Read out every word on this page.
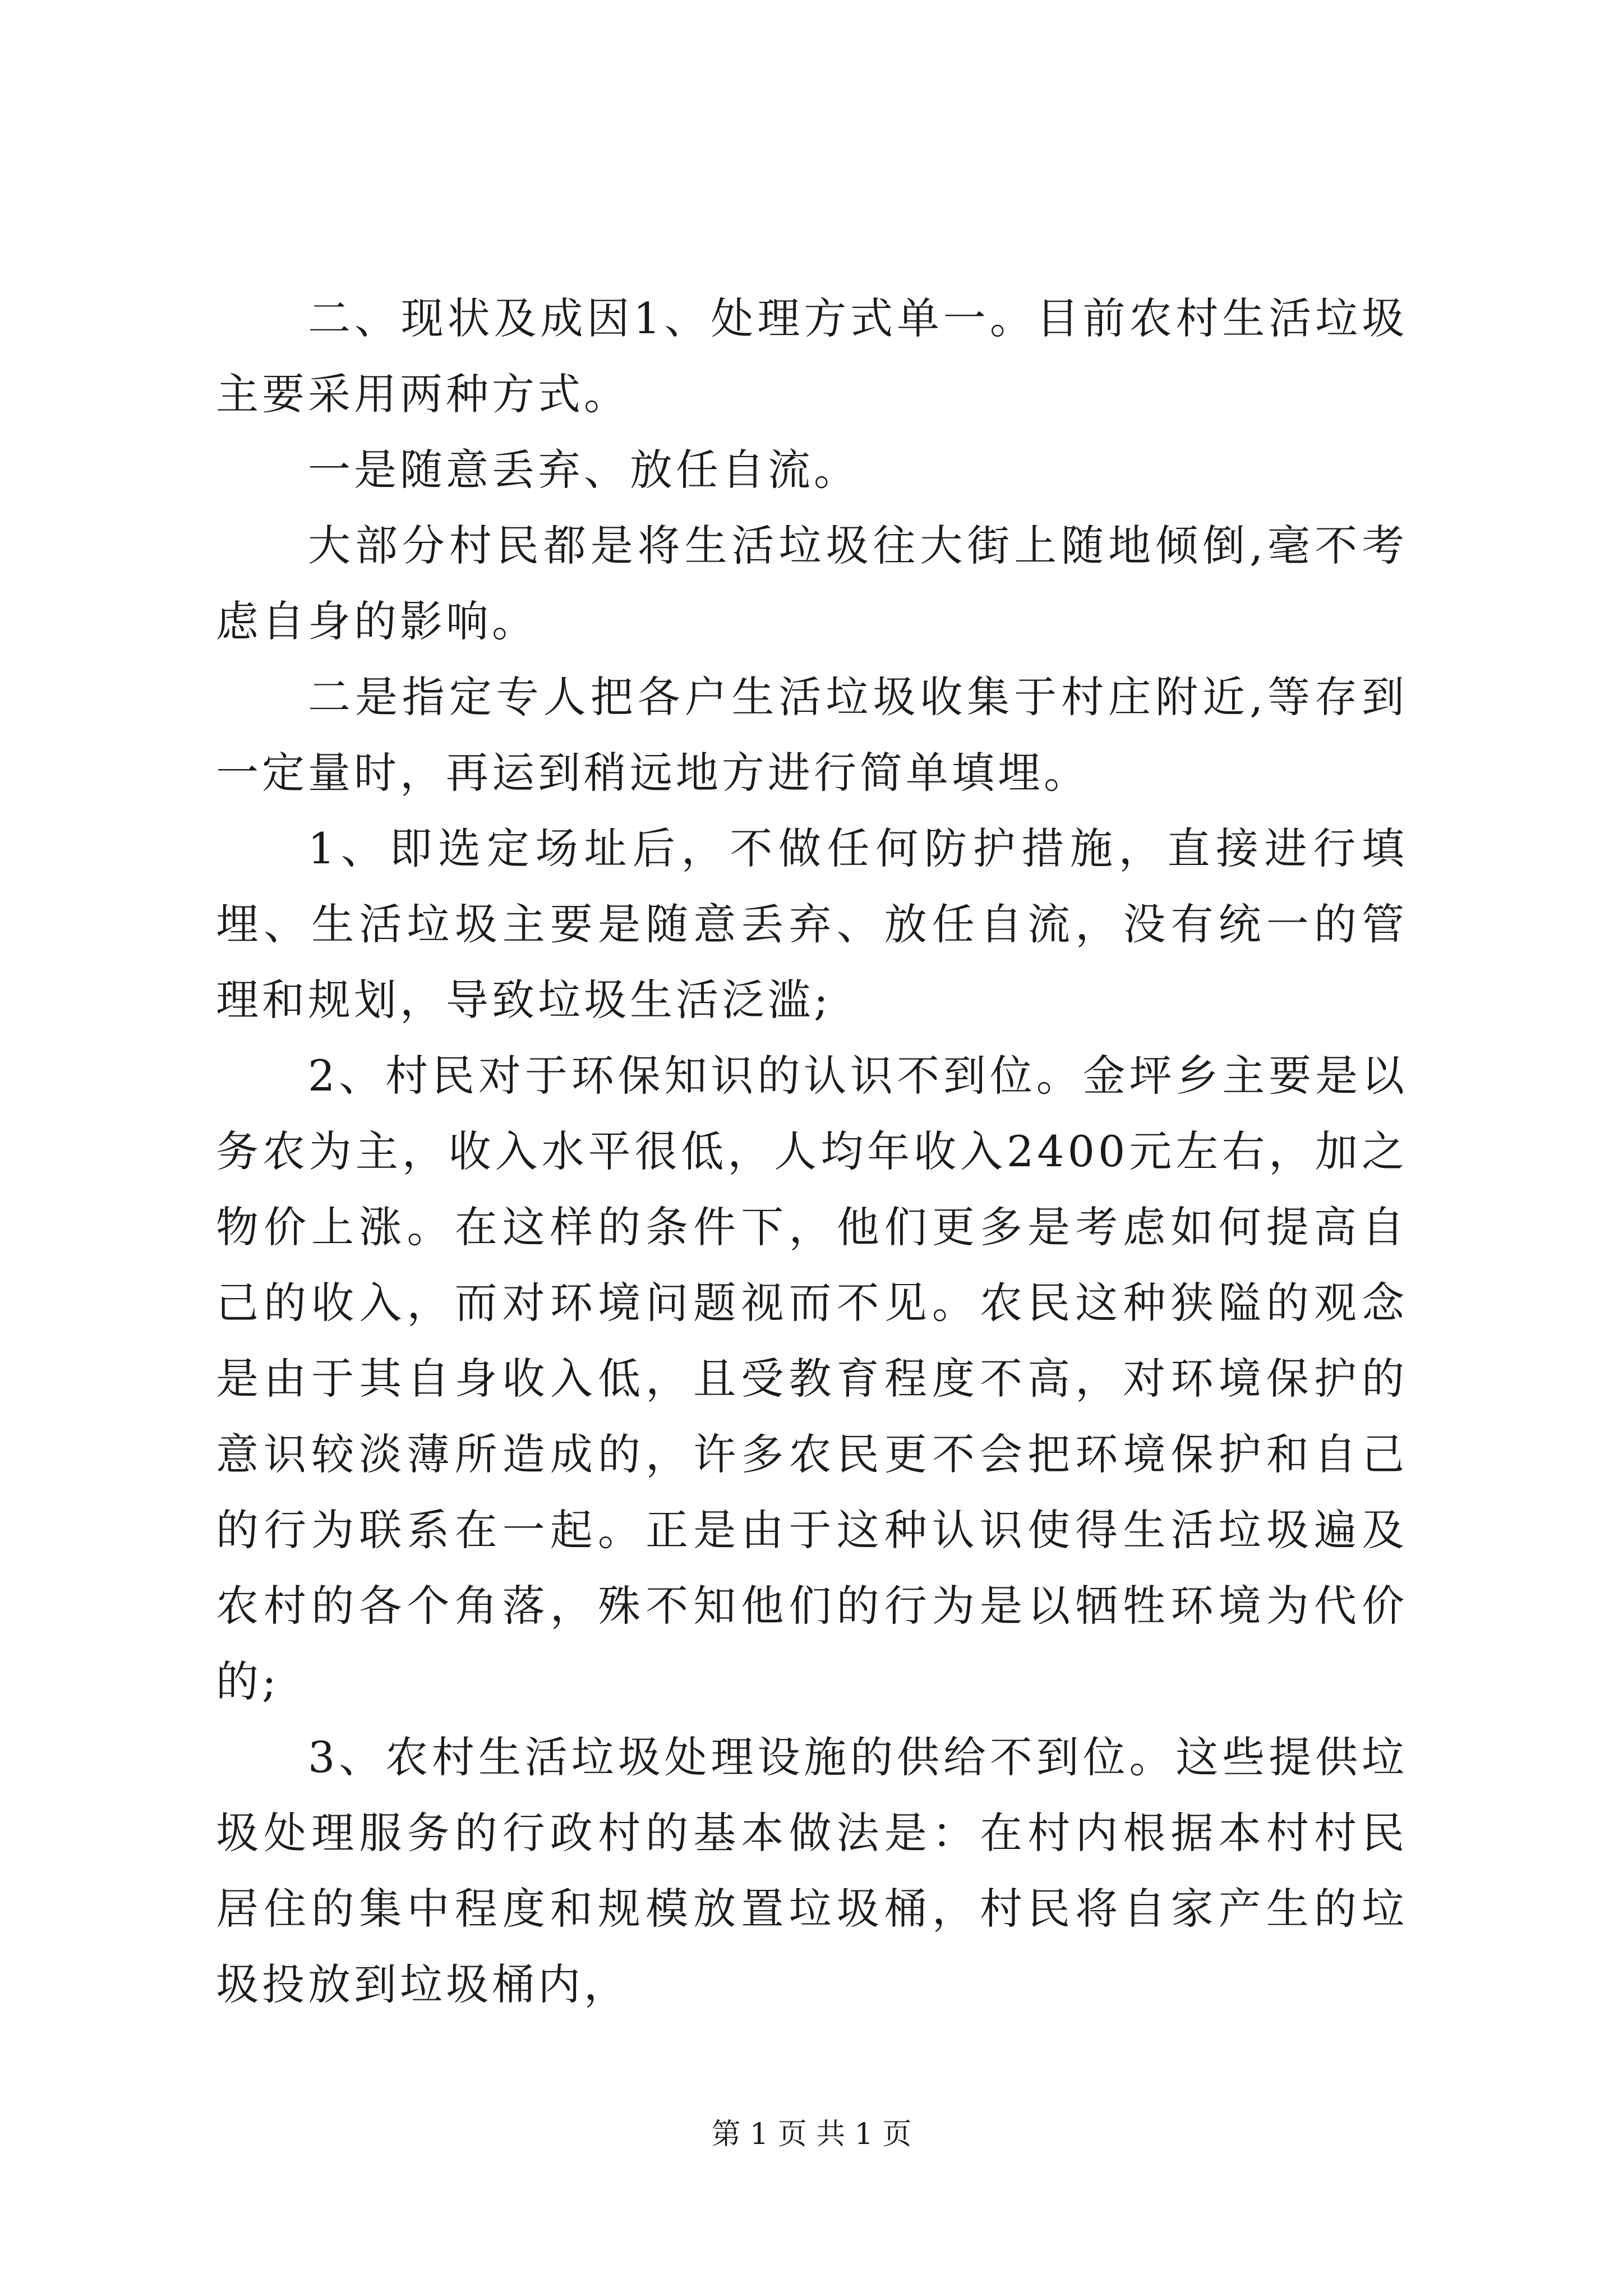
二、现状及成因1、处理方式单一。目前农村生活垃圾主要采用两种方式。

一是随意丢弃、放任自流。

大部分村民都是将生活垃圾往大街上随地倾倒,毫不考虑自身的影响。

二是指定专人把各户生活垃圾收集于村庄附近,等存到一定量时，再运到稍远地方进行简单填埋。

1、即选定场址后，不做任何防护措施，直接进行填埋、生活垃圾主要是随意丢弃、放任自流，没有统一的管理和规划，导致垃圾生活泛滥;

2、村民对于环保知识的认识不到位。金坪乡主要是以务农为主，收入水平很低，人均年收入2400元左右，加之物价上涨。在这样的条件下，他们更多是考虑如何提高自己的收入，而对环境问题视而不见。农民这种狭隘的观念是由于其自身收入低，且受教育程度不高，对环境保护的意识较淡薄所造成的，许多农民更不会把环境保护和自己的行为联系在一起。正是由于这种认识使得生活垃圾遍及农村的各个角落，殊不知他们的行为是以牺牲环境为代价的;

3、农村生活垃圾处理设施的供给不到位。这些提供垃圾处理服务的行政村的基本做法是：在村内根据本村村民居住的集中程度和规模放置垃圾桶，村民将自家产生的垃圾投放到垃圾桶内，

第 1 页 共 1 页
